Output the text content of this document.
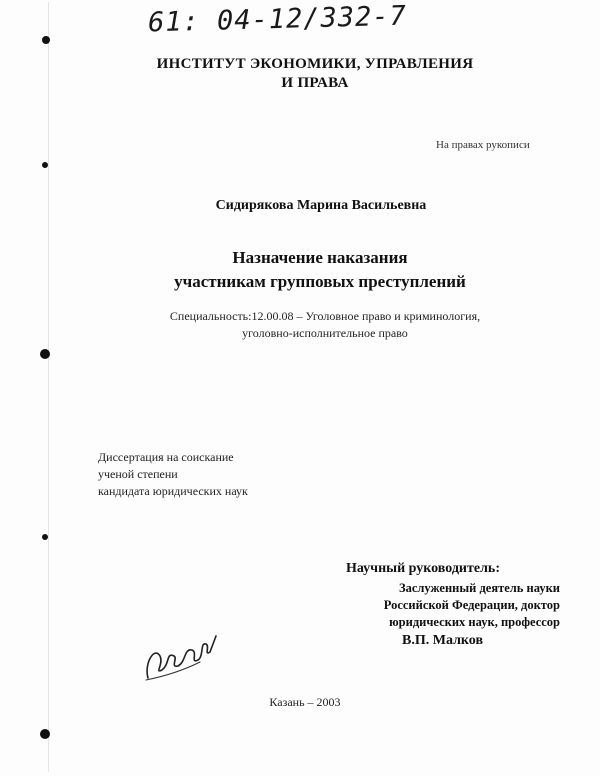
61: 04-12/332-7

ИНСТИТУТ ЭКОНОМИКИ, УПРАВЛЕНИЯ
И ПРАВА

На правах рукописи

Сидирякова Марина Васильевна

Назначение наказания
участникам групповых преступлений
Специальность:12.00.08 – Уголовное право и криминология,
уголовно-исполнительное право
Диссертация на соискание
ученой степени
кандидата юридических наук

Научный руководитель:

Заслуженный деятель науки
Российской Федерации, доктор
юридических наук, профессор

В.П. Малков

Казань – 2003
